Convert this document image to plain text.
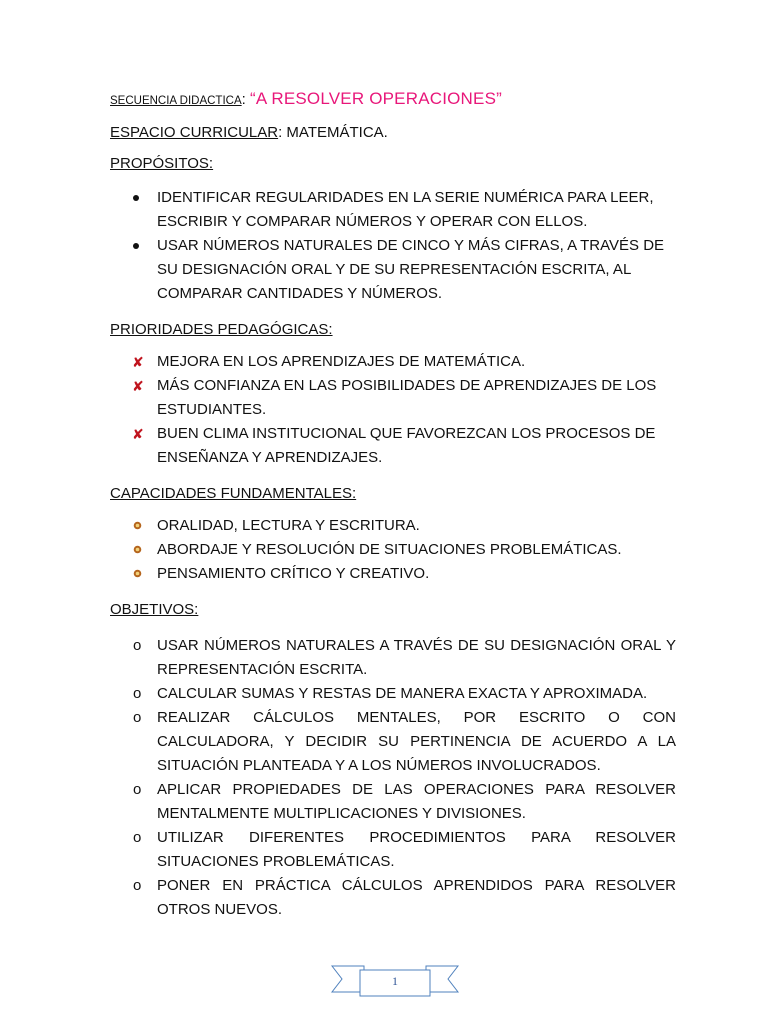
SECUENCIA DIDACTICA: “A RESOLVER OPERACIONES”
ESPACIO CURRICULAR: MATEMÁTICA.
PROPÓSITOS:
IDENTIFICAR REGULARIDADES EN LA SERIE NUMÉRICA PARA LEER, ESCRIBIR Y COMPARAR NÚMEROS Y OPERAR CON ELLOS.
USAR NÚMEROS NATURALES DE CINCO Y MÁS CIFRAS, A TRAVÉS DE SU DESIGNACIÓN ORAL Y DE SU REPRESENTACIÓN ESCRITA, AL COMPARAR CANTIDADES Y NÚMEROS.
PRIORIDADES PEDAGÓGICAS:
✘ MEJORA EN LOS APRENDIZAJES DE MATEMÁTICA.
✘ MÁS CONFIANZA EN LAS POSIBILIDADES DE APRENDIZAJES DE LOS ESTUDIANTES.
✘ BUEN CLIMA INSTITUCIONAL QUE FAVOREZCAN LOS PROCESOS DE ENSEÑANZA Y APRENDIZAJES.
CAPACIDADES FUNDAMENTALES:
ORALIDAD, LECTURA Y ESCRITURA.
ABORDAJE Y RESOLUCIÓN DE SITUACIONES PROBLEMÁTICAS.
PENSAMIENTO CRÍTICO Y CREATIVO.
OBJETIVOS:
o USAR NÚMEROS NATURALES A TRAVÉS DE SU DESIGNACIÓN ORAL Y REPRESENTACIÓN ESCRITA.
o CALCULAR SUMAS Y RESTAS DE MANERA EXACTA Y APROXIMADA.
o REALIZAR CÁLCULOS MENTALES, POR ESCRITO O CON CALCULADORA, Y DECIDIR SU PERTINENCIA DE ACUERDO A LA SITUACIÓN PLANTEADA Y A LOS NÚMEROS INVOLUCRADOS.
o APLICAR PROPIEDADES DE LAS OPERACIONES PARA RESOLVER MENTALMENTE MULTIPLICACIONES Y DIVISIONES.
o UTILIZAR DIFERENTES PROCEDIMIENTOS PARA RESOLVER SITUACIONES PROBLEMÁTICAS.
o PONER EN PRÁCTICA CÁLCULOS APRENDIDOS PARA RESOLVER OTROS NUEVOS.
1
